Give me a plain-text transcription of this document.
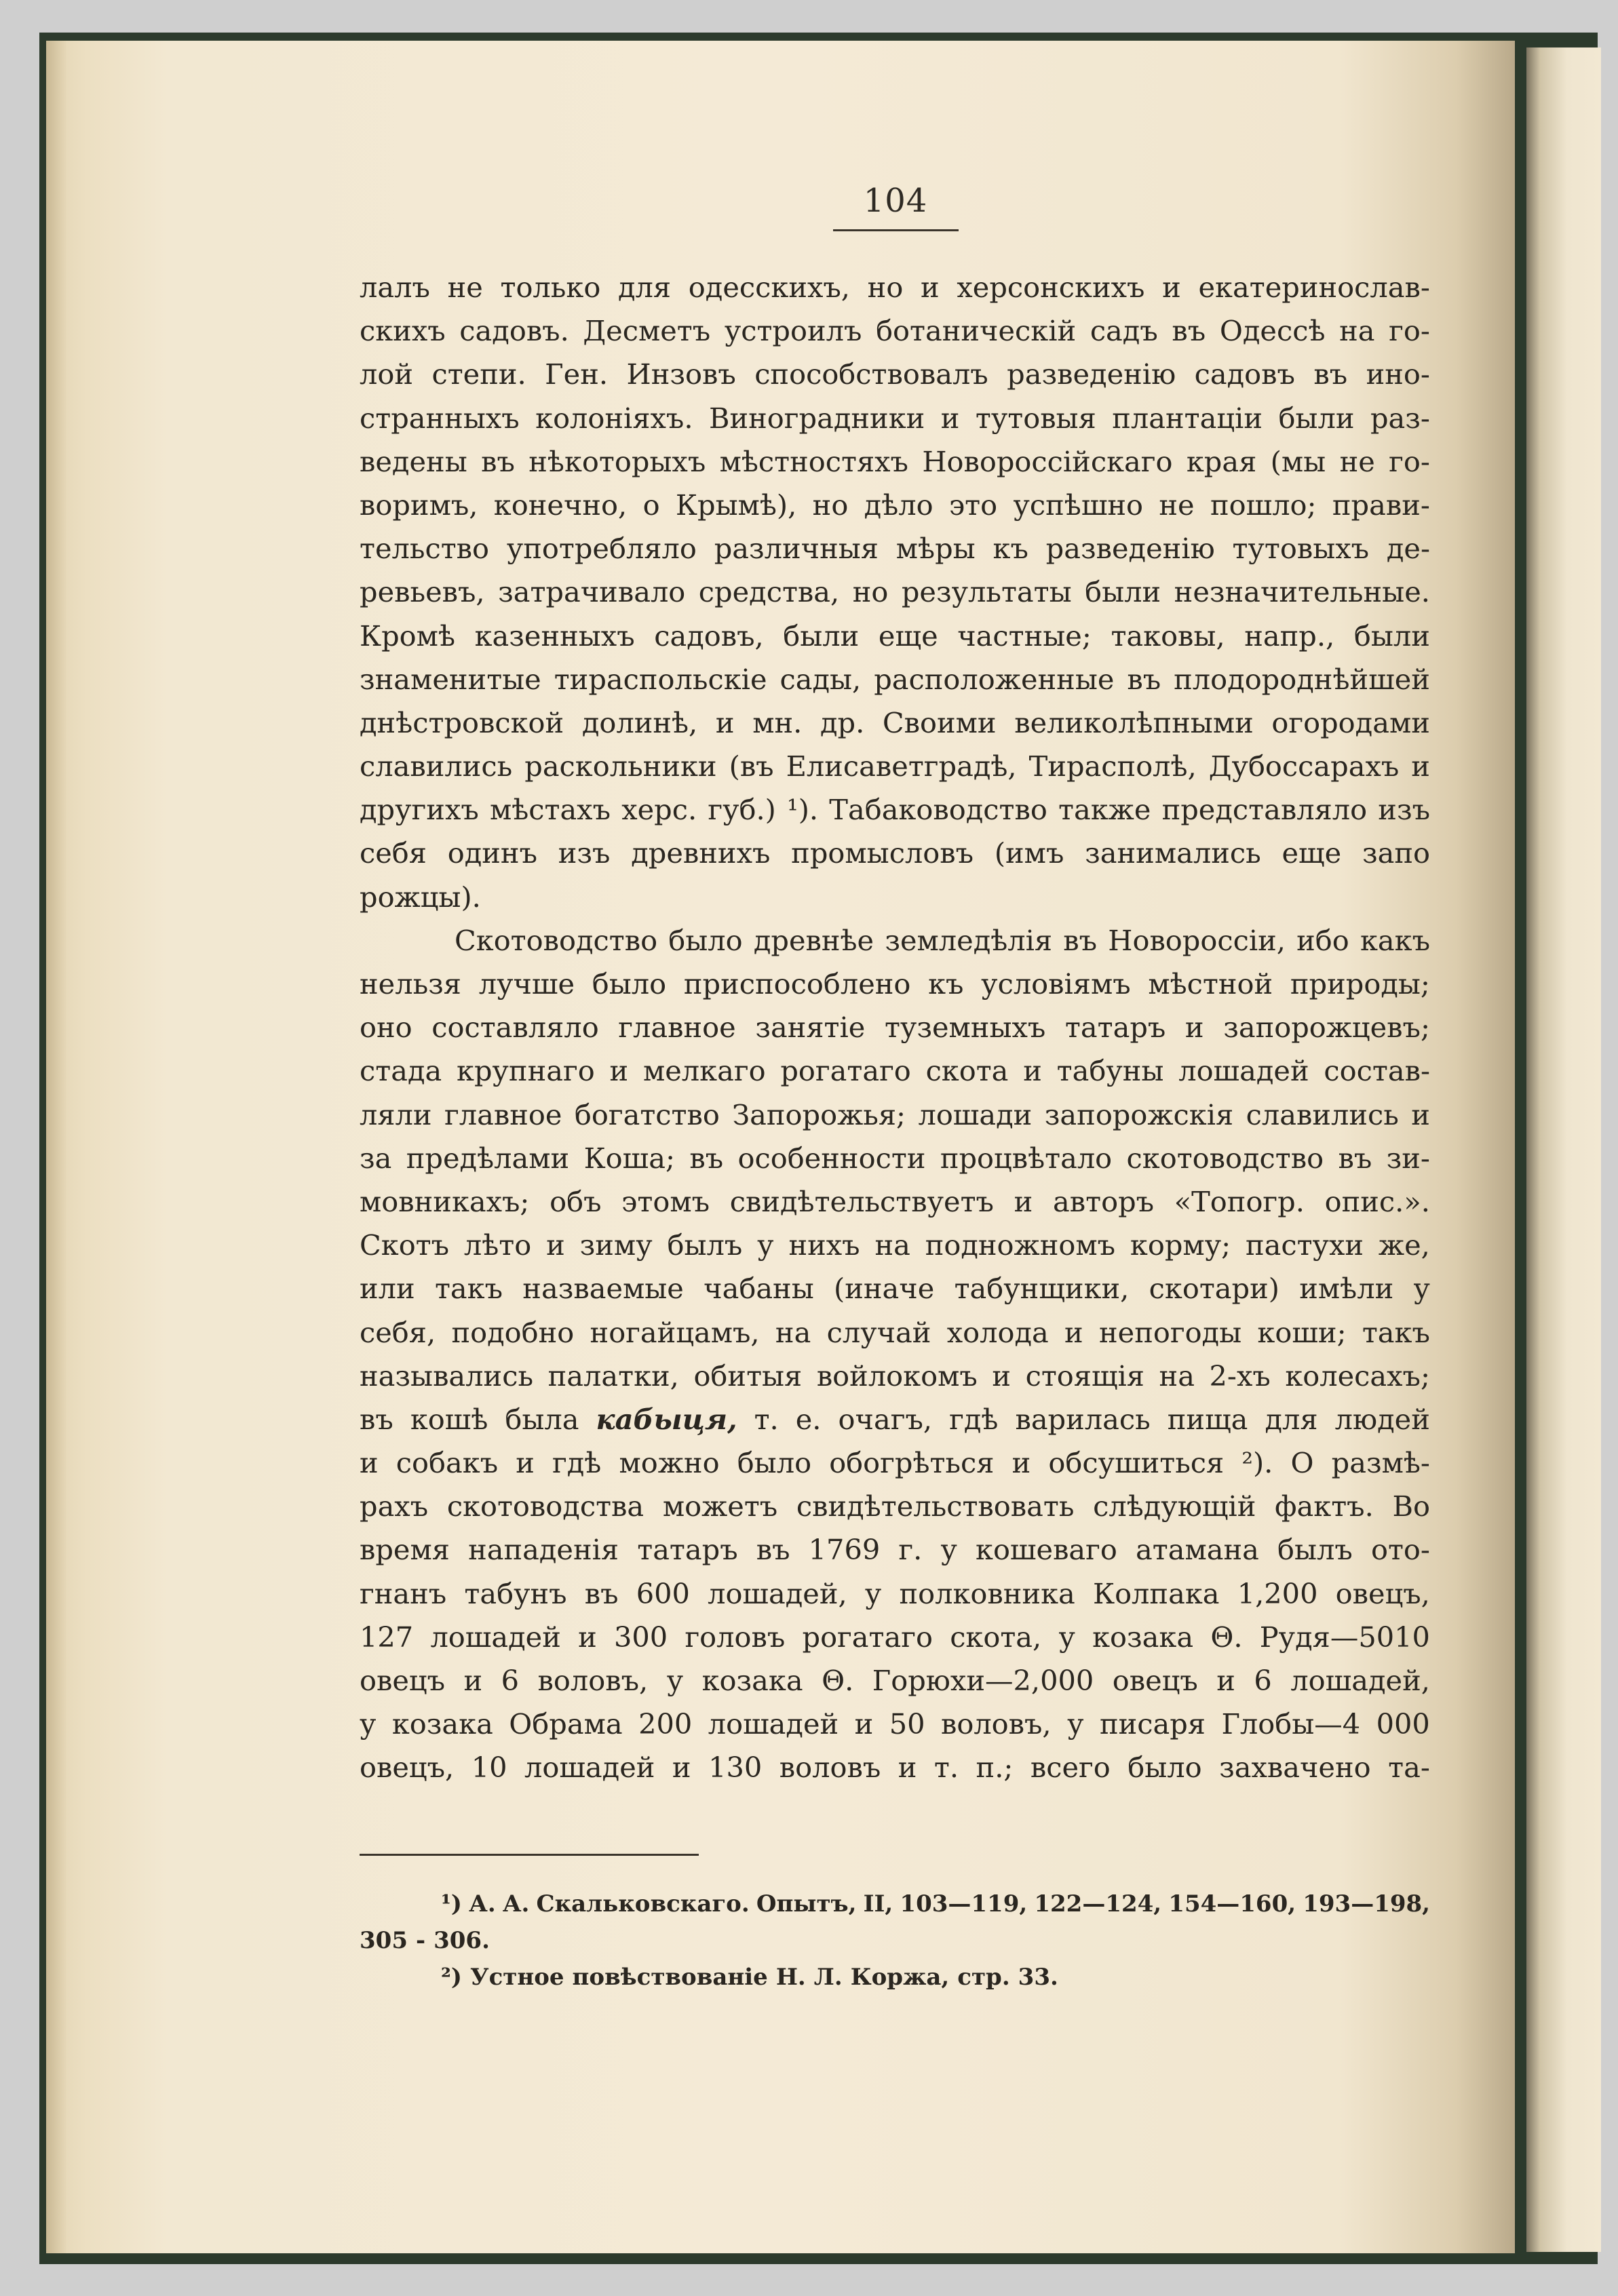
104
лалъ не только для одесскихъ, но и херсонскихъ и екатеринослав-
скихъ садовъ. Десметъ устроилъ ботаническій садъ въ Одессѣ на го-
лой степи. Ген. Инзовъ способствовалъ разведенію садовъ въ ино-
странныхъ колоніяхъ. Виноградники и тутовыя плантаціи были раз-
ведены въ нѣкоторыхъ мѣстностяхъ Новороссійскаго края (мы не го-
воримъ, конечно, о Крымѣ), но дѣло это успѣшно не пошло; прави-
тельство употребляло различныя мѣры къ разведенію тутовыхъ де-
ревьевъ, затрачивало средства, но результаты были незначительные.
Кромѣ казенныхъ садовъ, были еще частные; таковы, напр., были
знаменитые тираспольскіе сады, расположенные въ плодороднѣйшей
днѣстровской долинѣ, и мн. др. Своими великолѣпными огородами
славились раскольники (въ Елисаветградѣ, Тирасполѣ, Дубоссарахъ и
другихъ мѣстахъ херс. губ.) ¹). Табаководство также представляло изъ
себя одинъ изъ древнихъ промысловъ (имъ занимались еще запо
рожцы).
Скотоводство было древнѣе земледѣлія въ Новороссіи, ибо какъ
нельзя лучше было приспособлено къ условіямъ мѣстной природы;
оно составляло главное занятіе туземныхъ татаръ и запорожцевъ;
стада крупнаго и мелкаго рогатаго скота и табуны лошадей состав-
ляли главное богатство Запорожья; лошади запорожскія славились и
за предѣлами Коша; въ особенности процвѣтало скотоводство въ зи-
мовникахъ; объ этомъ свидѣтельствуетъ и авторъ «Топогр. опис.».
Скотъ лѣто и зиму былъ у нихъ на подножномъ корму; пастухи же,
или такъ назваемые чабаны (иначе табунщики, скотари) имѣли у
себя, подобно ногайцамъ, на случай холода и непогоды коши; такъ
назывались палатки, обитыя войлокомъ и стоящія на 2-хъ колесахъ;
въ кошѣ была кабыця, т. е. очагъ, гдѣ варилась пища для людей
и собакъ и гдѣ можно было обогрѣться и обсушиться ²). О размѣ-
рахъ скотоводства можетъ свидѣтельствовать слѣдующій фактъ. Во
время нападенія татаръ въ 1769 г. у кошеваго атамана былъ ото-
гнанъ табунъ въ 600 лошадей, у полковника Колпака 1,200 овецъ,
127 лошадей и 300 головъ рогатаго скота, у козака Θ. Рудя—5010
овецъ и 6 воловъ, у козака Θ. Горюхи—2,000 овецъ и 6 лошадей,
у козака Обрама 200 лошадей и 50 воловъ, у писаря Глобы—4 000
овецъ, 10 лошадей и 130 воловъ и т. п.; всего было захвачено та-
¹) А. А. Скальковскаго. Опытъ, II, 103—119, 122—124, 154—160, 193—198,
305 - 306.
²) Устное повѣствованіе Н. Л. Коржа, стр. 33.
